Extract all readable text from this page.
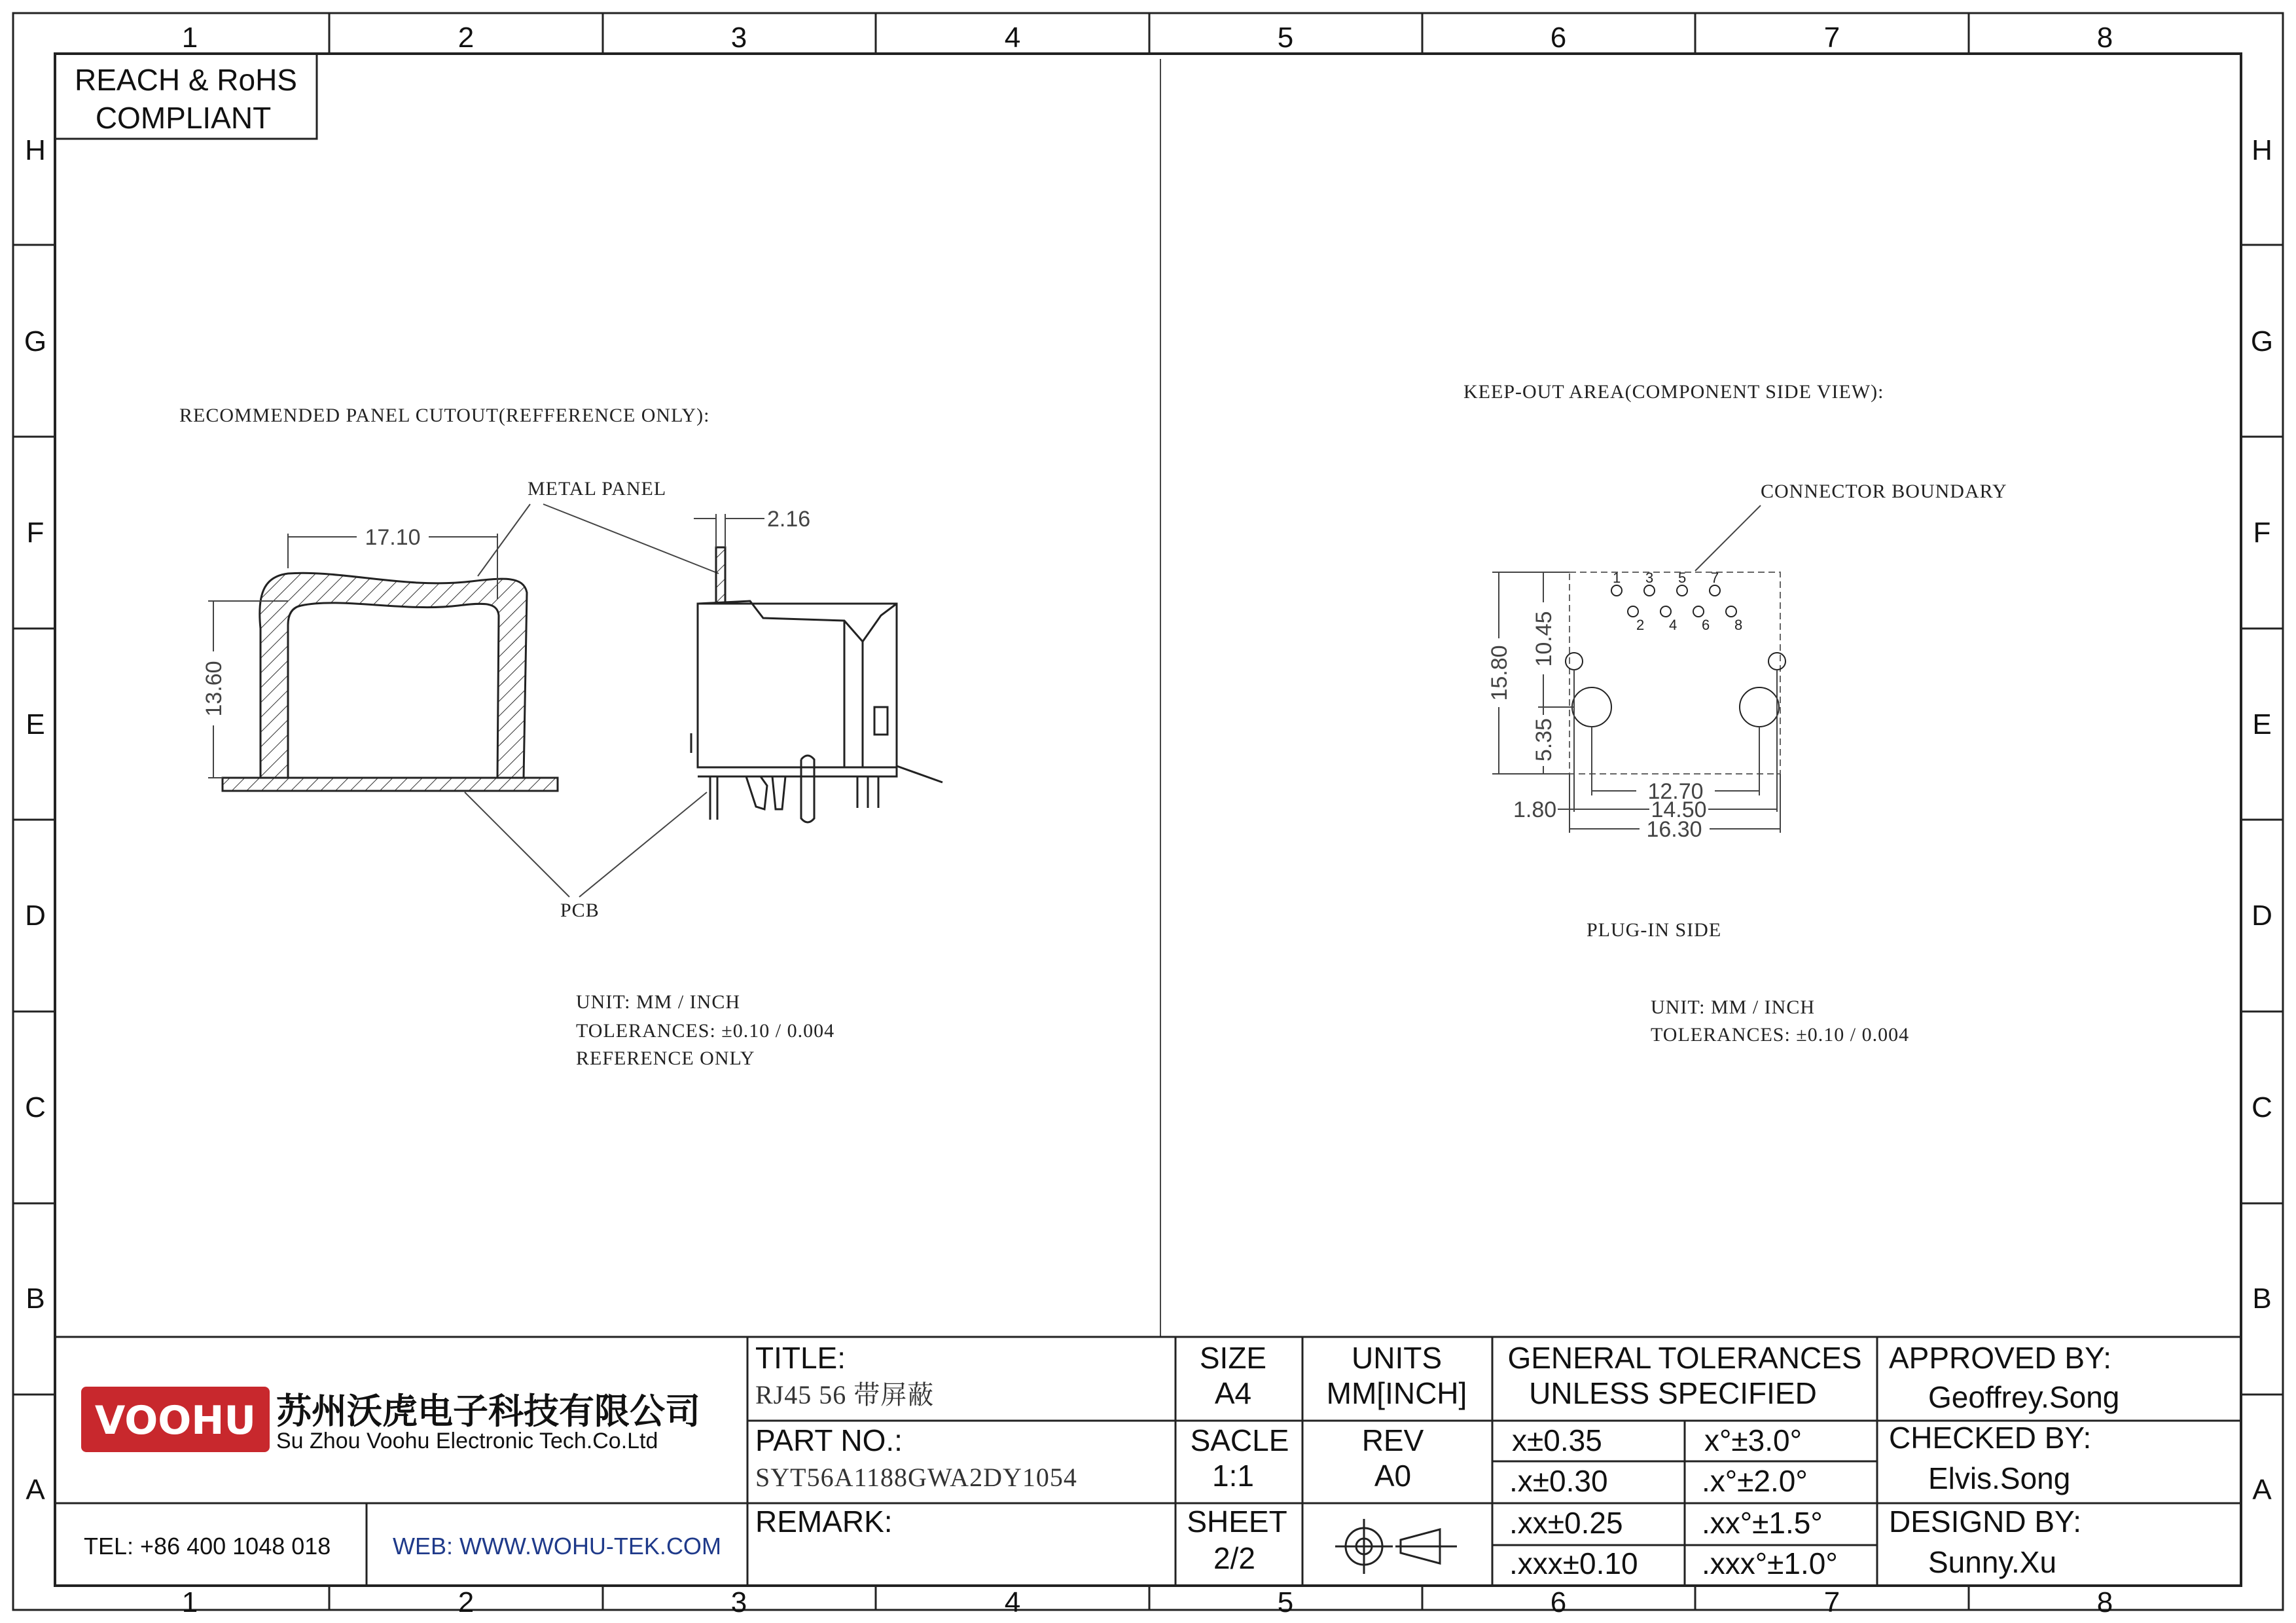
1	2	3	4	5	6	7	8
1	2	3	4	5	6	7	8
H
G
F
E
D
C
B
A
H
G
F
E
D
C
B
A
REACH & RoHS
COMPLIANT
RECOMMENDED PANEL CUTOUT(REFFERENCE ONLY):
METAL PANEL
PCB
17.10
13.60
2.16
UNIT: MM / INCH
TOLERANCES: ±0.10 / 0.004
REFERENCE ONLY
KEEP-OUT AREA(COMPONENT SIDE VIEW):
CONNECTOR BOUNDARY
1 3 5 7
2 4 6 8
15.80
10.45
5.35
12.70
14.50
16.30
1.80
PLUG-IN SIDE
UNIT: MM / INCH
TOLERANCES: ±0.10 / 0.004
VOOHU 苏州沃虎电子科技有限公司
Su Zhou Voohu Electronic Tech.Co.Ltd
TEL: +86 400 1048 018	WEB: WWW.WOHU-TEK.COM
TITLE:
RJ45 56 带屏蔽
PART NO.:
SYT56A1188GWA2DY1054
REMARK:
SIZE
A4
UNITS
MM[INCH]
SACLE
1:1
REV
A0
SHEET
2/2
GENERAL TOLERANCES
UNLESS SPECIFIED
x±0.35	x°±3.0°
.x±0.30	.x°±2.0°
.xx±0.25	.xx°±1.5°
.xxx±0.10 .xxx°±1.0°
APPROVED BY:
Geoffrey.Song
CHECKED BY:
Elvis.Song
DESIGND BY:
Sunny.Xu
